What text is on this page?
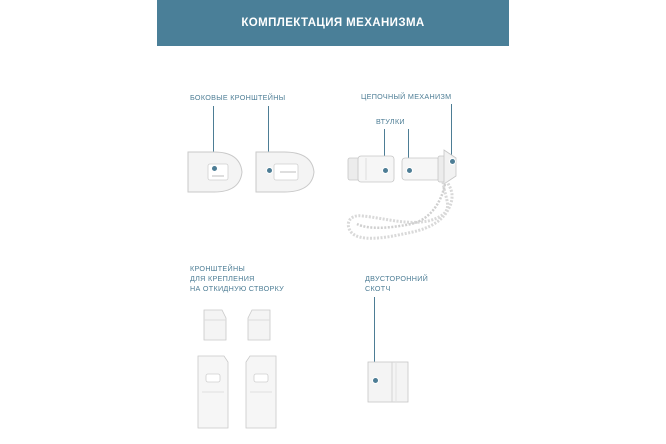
КОМПЛЕКТАЦИЯ МЕХАНИЗМА
БОКОВЫЕ КРОНШТЕЙНЫ	ЦЕПОЧНЫЙ МЕХАНИЗМ
ВТУЛКИ
КРОНШТЕЙНЫ
ДЛЯ КРЕПЛЕНИЯ
НА ОТКИДНУЮ СТВОРКУ
ДВУСТОРОННИЙ
СКОТЧ
